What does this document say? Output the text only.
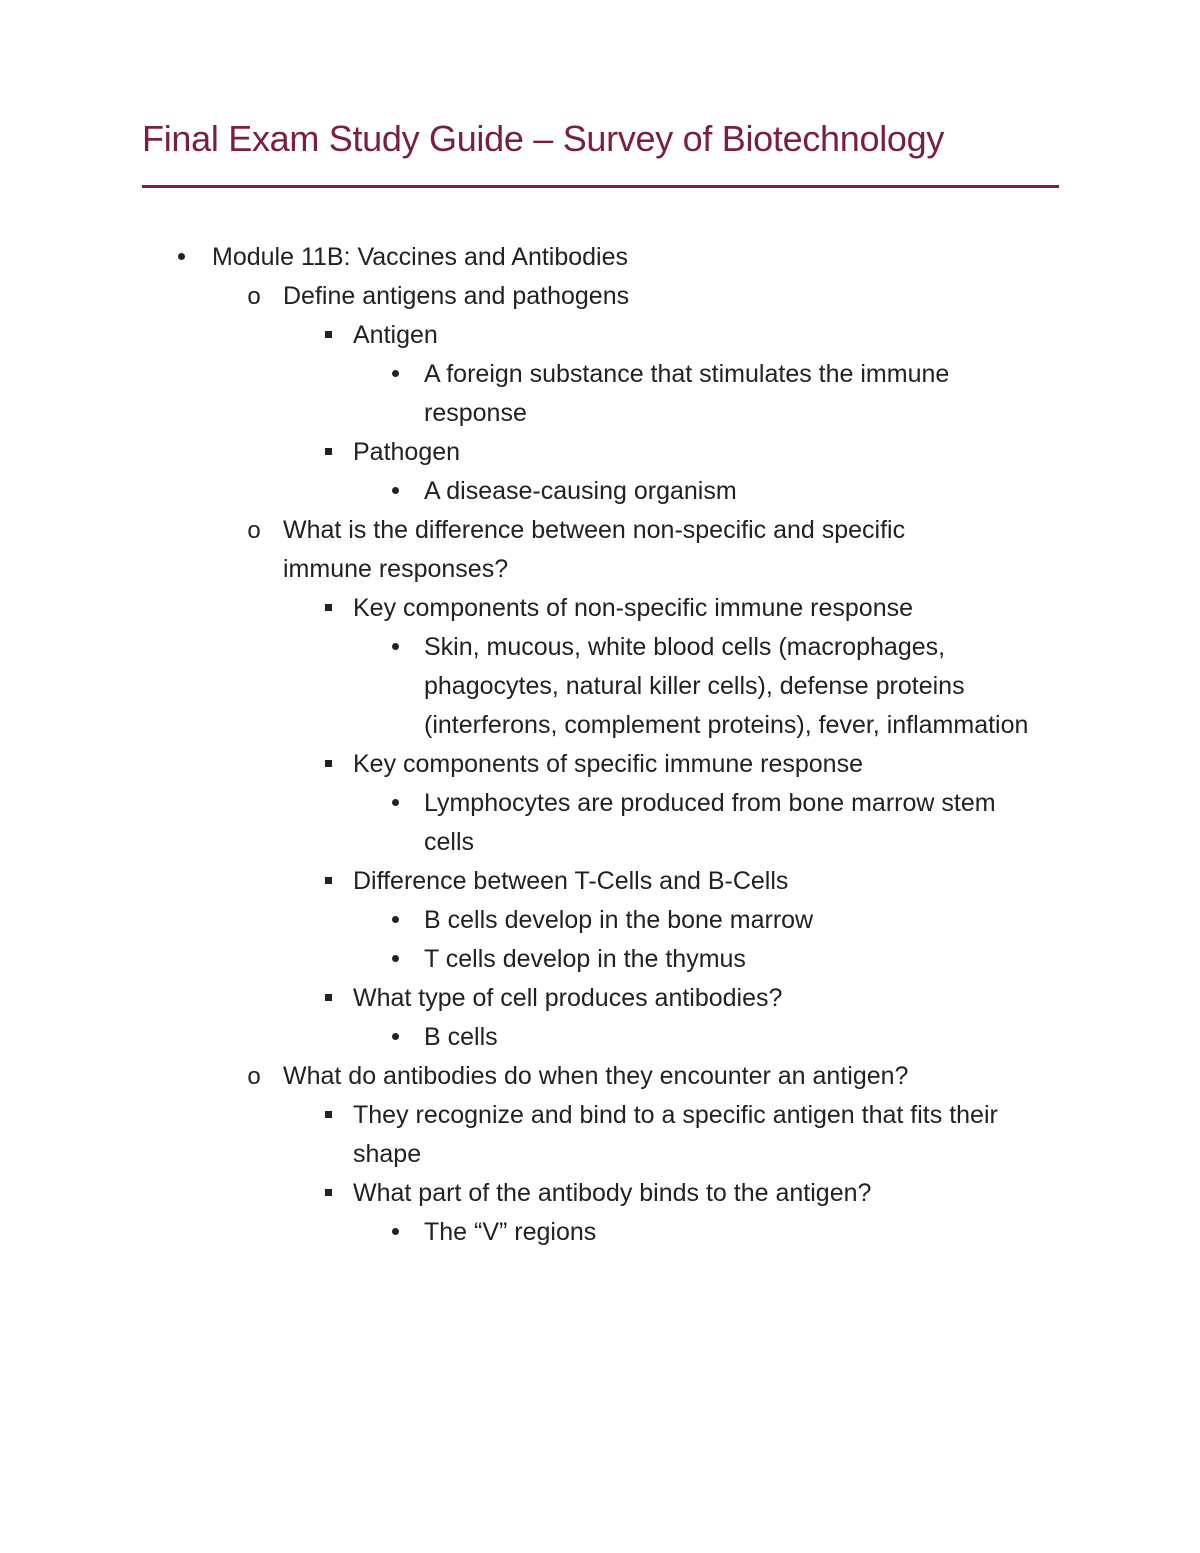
Final Exam Study Guide – Survey of Biotechnology
Module 11B: Vaccines and Antibodies
o Define antigens and pathogens
Antigen
A foreign substance that stimulates the immune response
Pathogen
A disease-causing organism
o What is the difference between non-specific and specific immune responses?
Key components of non-specific immune response
Skin, mucous, white blood cells (macrophages, phagocytes, natural killer cells), defense proteins (interferons, complement proteins), fever, inflammation
Key components of specific immune response
Lymphocytes are produced from bone marrow stem cells
Difference between T-Cells and B-Cells
B cells develop in the bone marrow
T cells develop in the thymus
What type of cell produces antibodies?
B cells
o What do antibodies do when they encounter an antigen?
They recognize and bind to a specific antigen that fits their shape
What part of the antibody binds to the antigen?
The “V” regions
